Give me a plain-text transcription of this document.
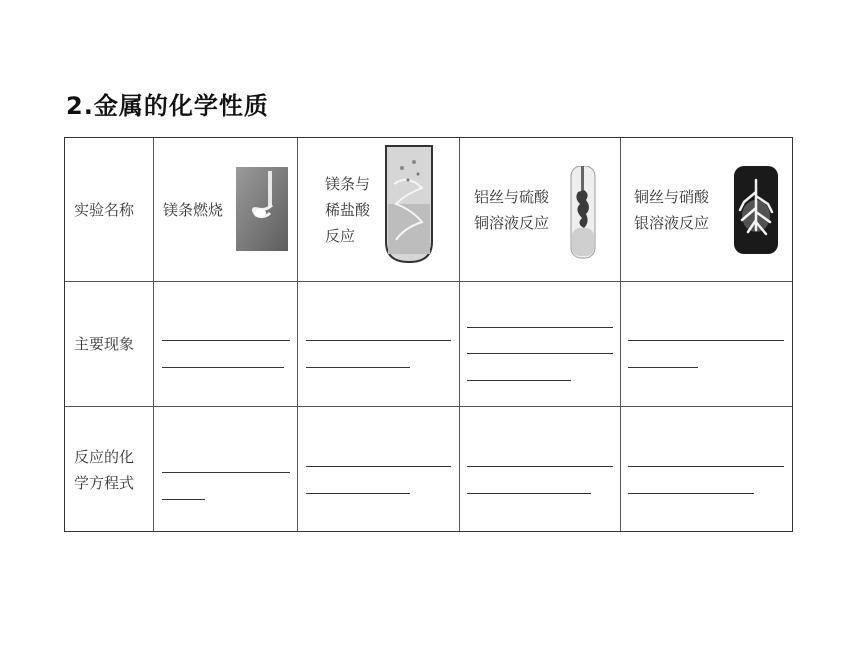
2.金属的化学性质
实验名称 镁条燃烧
镁条与
稀盐酸
反应
铝丝与硫酸
铜溶液反应
铜丝与硝酸
银溶液反应
主要现象
反应的化
学方程式
